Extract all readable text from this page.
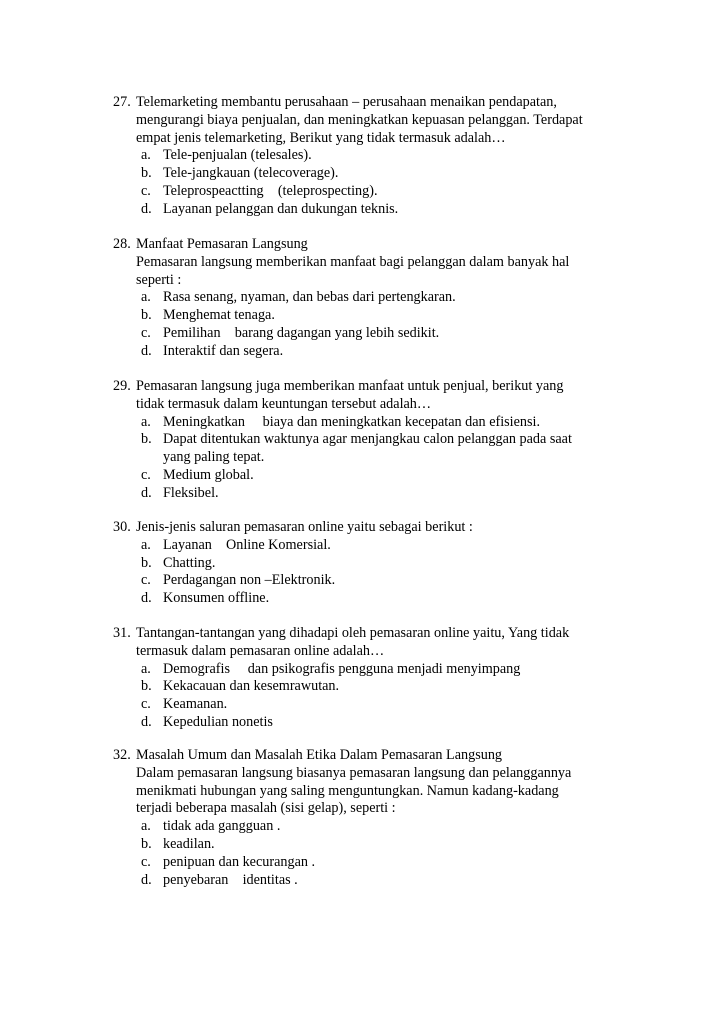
27. Telemarketing membantu perusahaan – perusahaan menaikan pendapatan,
mengurangi biaya penjualan, dan meningkatkan kepuasan pelanggan. Terdapat
empat jenis telemarketing, Berikut yang tidak termasuk adalah…
a. Tele-penjualan (telesales).
b. Tele-jangkauan (telecoverage).
c. Teleprospeactting    (teleprospecting).
d. Layanan pelanggan dan dukungan teknis.
28. Manfaat Pemasaran Langsung
Pemasaran langsung memberikan manfaat bagi pelanggan dalam banyak hal
seperti :
a. Rasa senang, nyaman, dan bebas dari pertengkaran.
b. Menghemat tenaga.
c. Pemilihan    barang dagangan yang lebih sedikit.
d. Interaktif dan segera.
29. Pemasaran langsung juga memberikan manfaat untuk penjual, berikut yang
tidak termasuk dalam keuntungan tersebut adalah…
a. Meningkatkan     biaya dan meningkatkan kecepatan dan efisiensi.
b. Dapat ditentukan waktunya agar menjangkau calon pelanggan pada saat
yang paling tepat.
c. Medium global.
d. Fleksibel.
30. Jenis-jenis saluran pemasaran online yaitu sebagai berikut :
a. Layanan    Online Komersial.
b. Chatting.
c. Perdagangan non –Elektronik.
d. Konsumen offline.
31. Tantangan-tantangan yang dihadapi oleh pemasaran online yaitu, Yang tidak
termasuk dalam pemasaran online adalah…
a. Demografis     dan psikografis pengguna menjadi menyimpang
b. Kekacauan dan kesemrawutan.
c. Keamanan.
d. Kepedulian nonetis
32. Masalah Umum dan Masalah Etika Dalam Pemasaran Langsung
Dalam pemasaran langsung biasanya pemasaran langsung dan pelanggannya
menikmati hubungan yang saling menguntungkan. Namun kadang-kadang
terjadi beberapa masalah (sisi gelap), seperti :
a. tidak ada gangguan .
b. keadilan.
c. penipuan dan kecurangan .
d. penyebaran    identitas .
